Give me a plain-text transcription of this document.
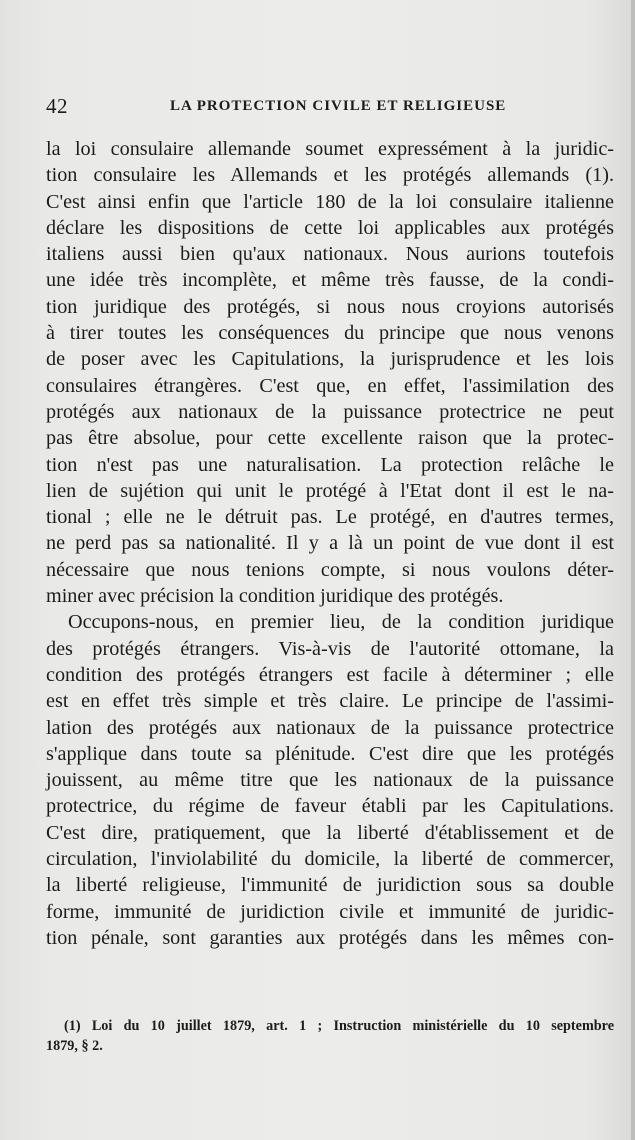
42	LA PROTECTION CIVILE ET RELIGIEUSE
la loi consulaire allemande soumet expressément à la juridic-
tion consulaire les Allemands et les protégés allemands (1).
C'est ainsi enfin que l'article 180 de la loi consulaire italienne
déclare les dispositions de cette loi applicables aux protégés
italiens aussi bien qu'aux nationaux. Nous aurions toutefois
une idée très incomplète, et même très fausse, de la condi-
tion juridique des protégés, si nous nous croyions autorisés
à tirer toutes les conséquences du principe que nous venons
de poser avec les Capitulations, la jurisprudence et les lois
consulaires étrangères. C'est que, en effet, l'assimilation des
protégés aux nationaux de la puissance protectrice ne peut
pas être absolue, pour cette excellente raison que la protec-
tion n'est pas une naturalisation. La protection relâche le
lien de sujétion qui unit le protégé à l'Etat dont il est le na-
tional ; elle ne le détruit pas. Le protégé, en d'autres termes,
ne perd pas sa nationalité. Il y a là un point de vue dont il est
nécessaire que nous tenions compte, si nous voulons déter-
miner avec précision la condition juridique des protégés.
Occupons-nous, en premier lieu, de la condition juridique
des protégés étrangers. Vis-à-vis de l'autorité ottomane, la
condition des protégés étrangers est facile à déterminer ; elle
est en effet très simple et très claire. Le principe de l'assimi-
lation des protégés aux nationaux de la puissance protectrice
s'applique dans toute sa plénitude. C'est dire que les protégés
jouissent, au même titre que les nationaux de la puissance
protectrice, du régime de faveur établi par les Capitulations.
C'est dire, pratiquement, que la liberté d'établissement et de
circulation, l'inviolabilité du domicile, la liberté de commercer,
la liberté religieuse, l'immunité de juridiction sous sa double
forme, immunité de juridiction civile et immunité de juridic-
tion pénale, sont garanties aux protégés dans les mêmes con-
(1) Loi du 10 juillet 1879, art. 1 ; Instruction ministérielle du 10 septembre
1879, § 2.
